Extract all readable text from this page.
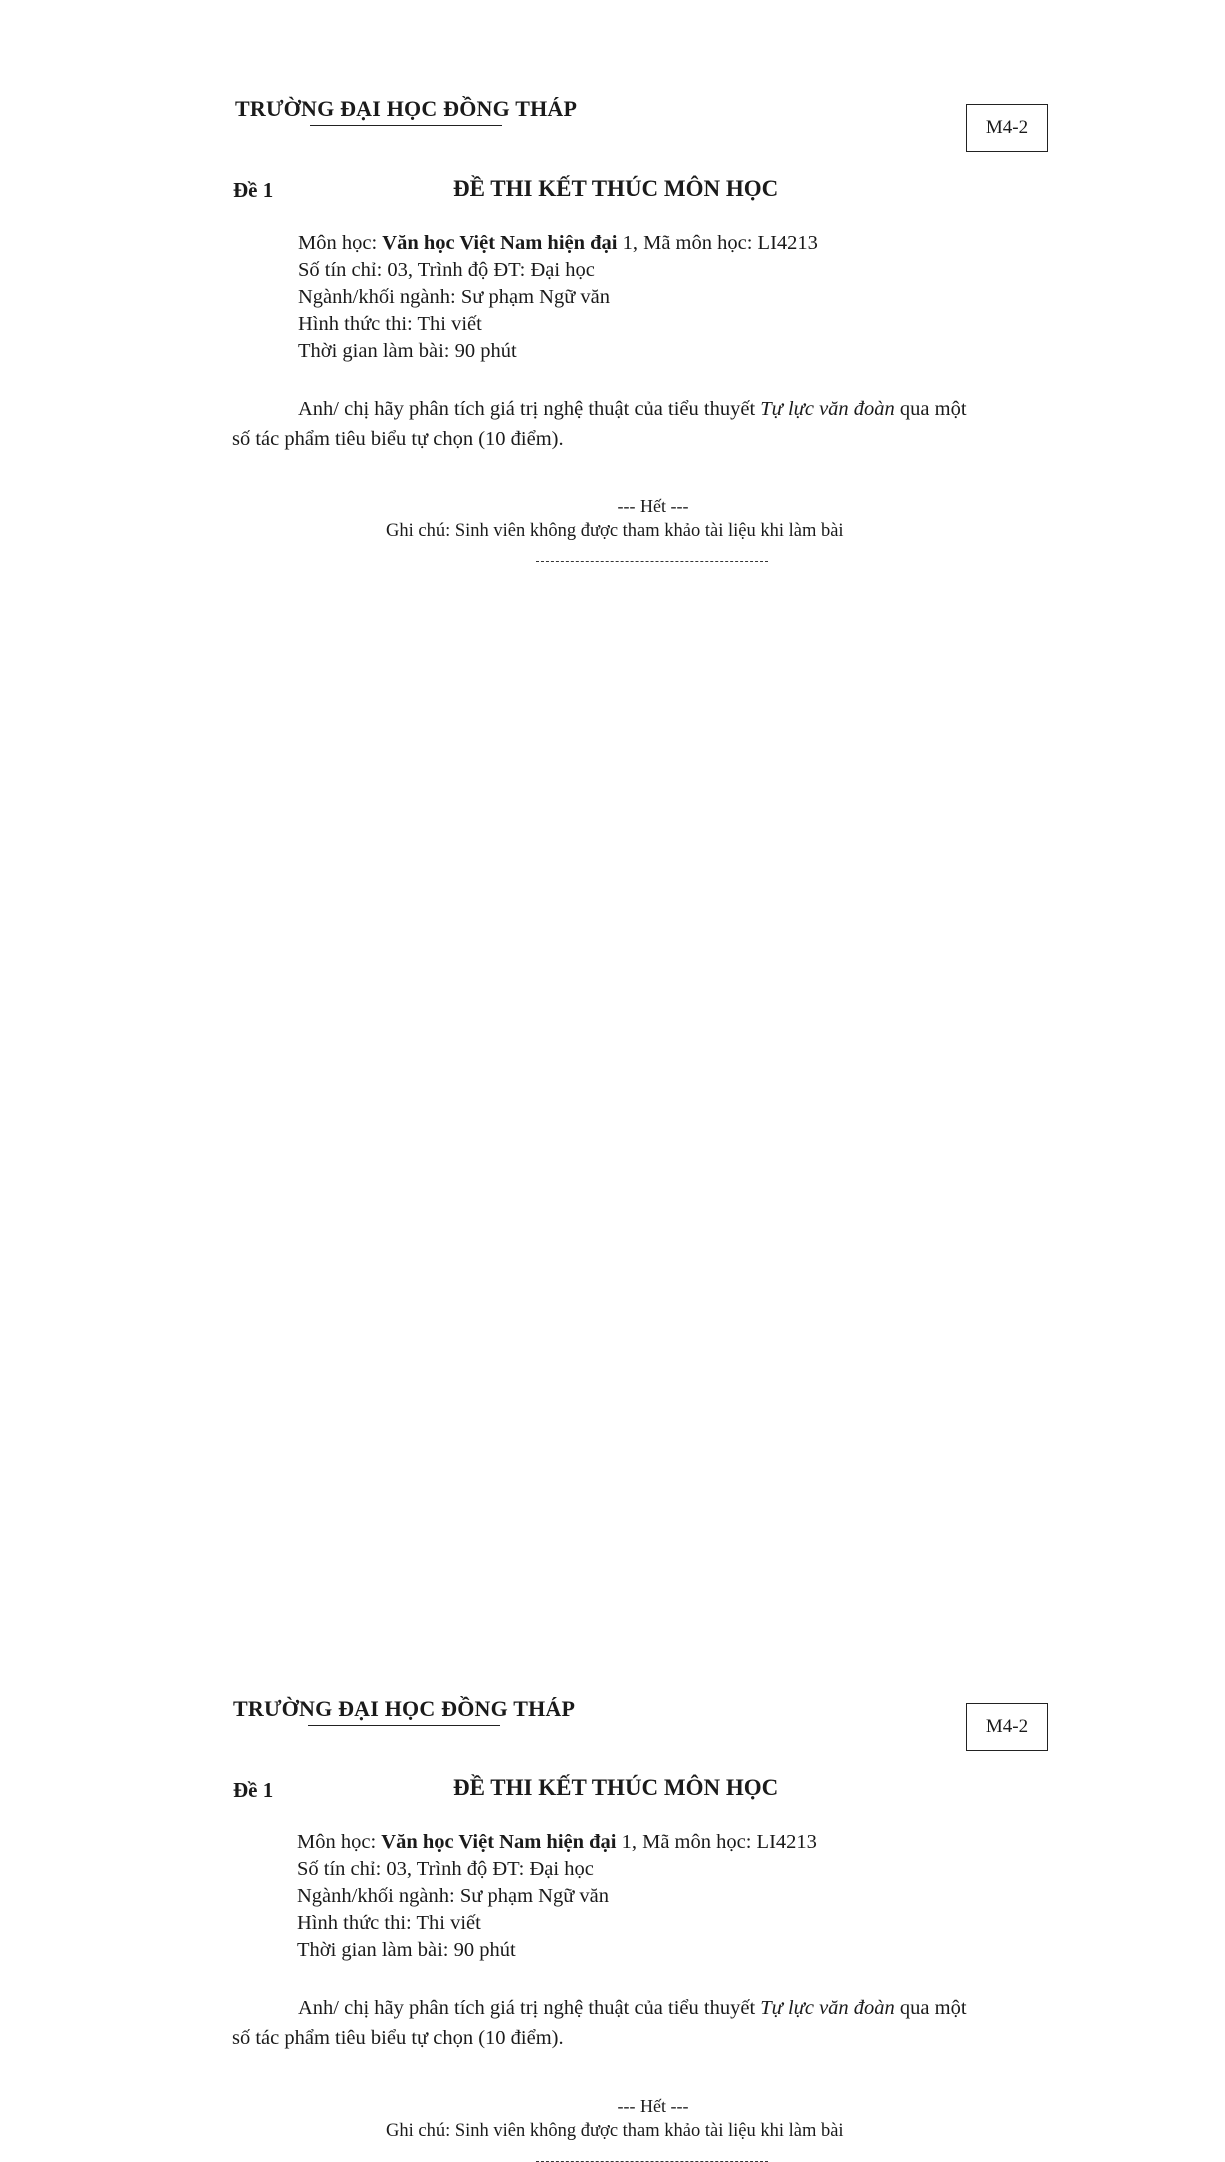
TRƯỜNG ĐẠI HỌC ĐỒNG THÁP
M4-2
Đề 1	ĐỀ THI KẾT THÚC MÔN HỌC
Môn học: Văn học Việt Nam hiện đại 1, Mã môn học: LI4213
Số tín chỉ: 03, Trình độ ĐT: Đại học
Ngành/khối ngành: Sư phạm Ngữ văn
Hình thức thi: Thi viết
Thời gian làm bài: 90 phút
Anh/ chị hãy phân tích giá trị nghệ thuật của tiểu thuyết Tự lực văn đoàn qua một
số tác phẩm tiêu biểu tự chọn (10 điểm).
--- Hết ---
Ghi chú: Sinh viên không được tham khảo tài liệu khi làm bài
TRƯỜNG ĐẠI HỌC ĐỒNG THÁP
M4-2
Đề 1	ĐỀ THI KẾT THÚC MÔN HỌC
Môn học: Văn học Việt Nam hiện đại 1, Mã môn học: LI4213
Số tín chỉ: 03, Trình độ ĐT: Đại học
Ngành/khối ngành: Sư phạm Ngữ văn
Hình thức thi: Thi viết
Thời gian làm bài: 90 phút
Anh/ chị hãy phân tích giá trị nghệ thuật của tiểu thuyết Tự lực văn đoàn qua một
số tác phẩm tiêu biểu tự chọn (10 điểm).
--- Hết ---
Ghi chú: Sinh viên không được tham khảo tài liệu khi làm bài
